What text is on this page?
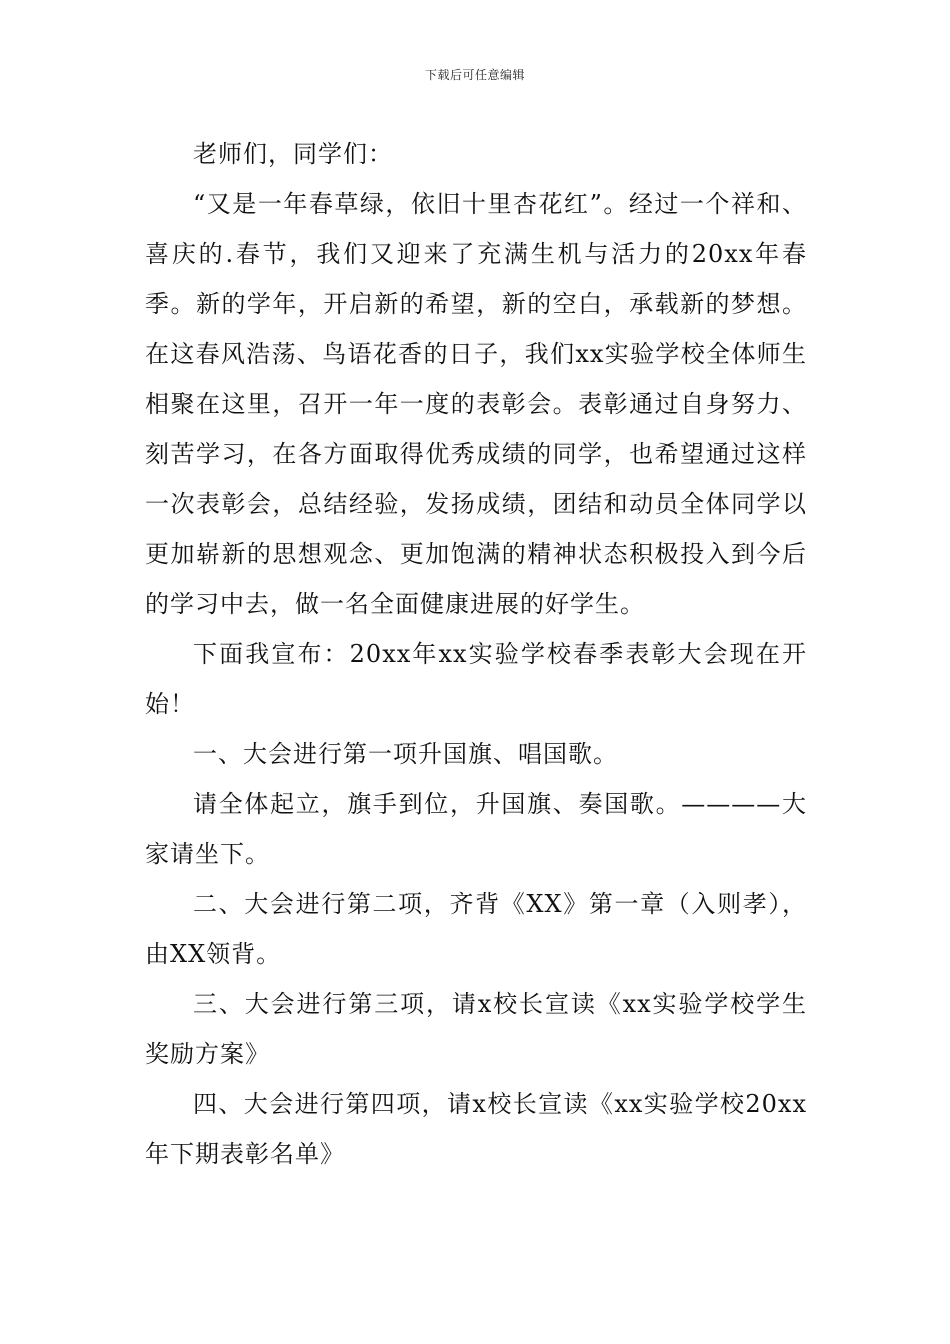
下载后可任意编辑

老师们，同学们：

“又是一年春草绿，依旧十里杏花红”。经过一个祥和、喜庆的.春节，我们又迎来了充满生机与活力的20xx年春季。新的学年，开启新的希望，新的空白，承载新的梦想。在这春风浩荡、鸟语花香的日子，我们xx实验学校全体师生相聚在这里，召开一年一度的表彰会。表彰通过自身努力、刻苦学习，在各方面取得优秀成绩的同学，也希望通过这样一次表彰会，总结经验，发扬成绩，团结和动员全体同学以更加崭新的思想观念、更加饱满的精神状态积极投入到今后的学习中去，做一名全面健康进展的好学生。

下面我宣布：20xx年xx实验学校春季表彰大会现在开始！

一、大会进行第一项升国旗、唱国歌。

请全体起立，旗手到位，升国旗、奏国歌。————大家请坐下。

二、大会进行第二项，齐背《XX》第一章（入则孝），由XX领背。

三、大会进行第三项，请x校长宣读《xx实验学校学生奖励方案》

四、大会进行第四项，请x校长宣读《xx实验学校20xx年下期表彰名单》
